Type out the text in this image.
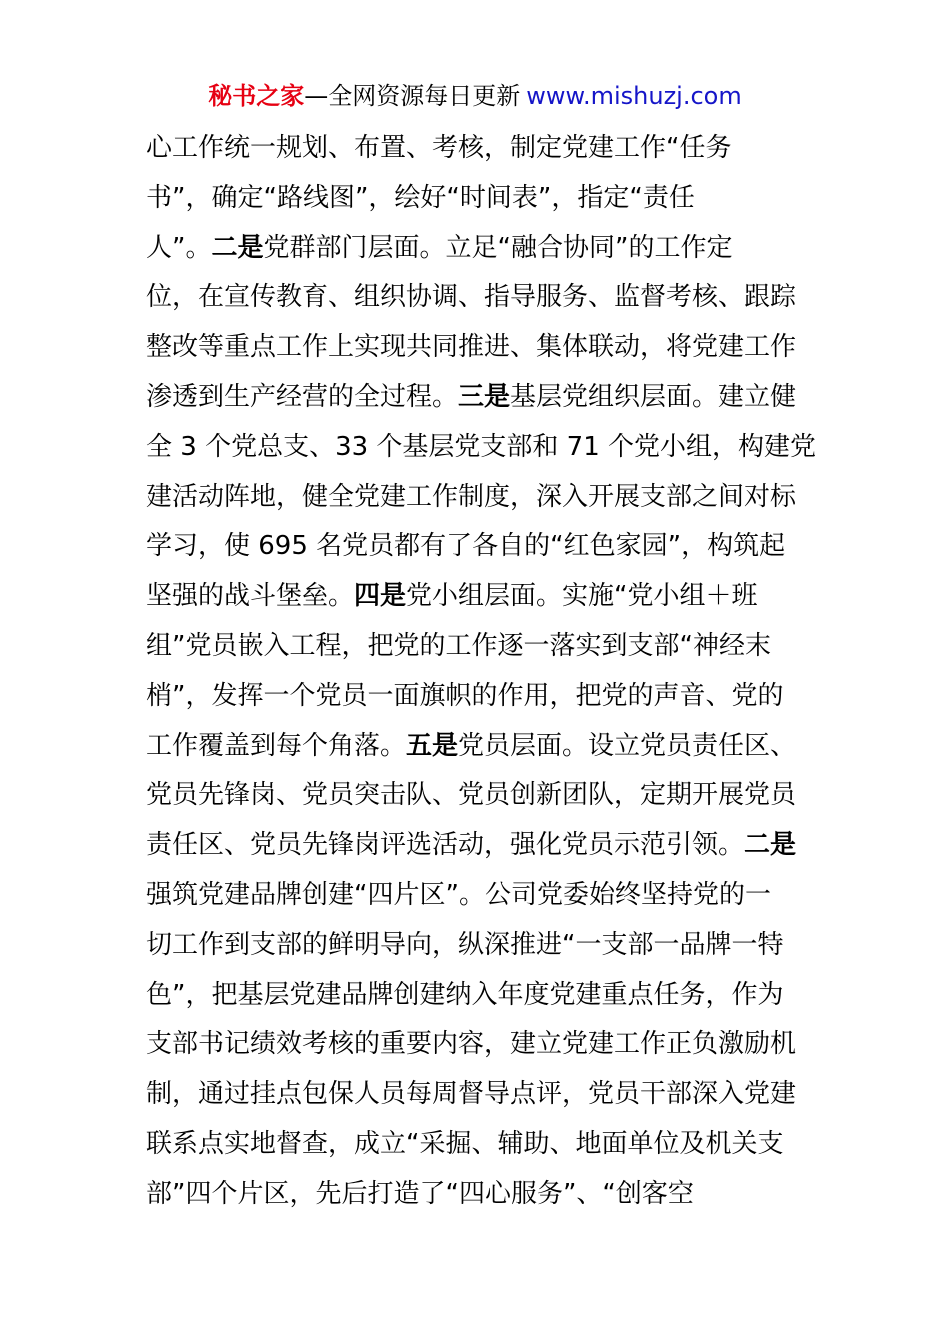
秘书之家—全网资源每日更新 www.mishuzj.com
心工作统一规划、布置、考核，制定党建工作“任务
书”，确定“路线图”，绘好“时间表”，指定“责任
人”。二是党群部门层面。立足“融合协同”的工作定
位，在宣传教育、组织协调、指导服务、监督考核、跟踪
整改等重点工作上实现共同推进、集体联动，将党建工作
渗透到生产经营的全过程。三是基层党组织层面。建立健
全 3 个党总支、33 个基层党支部和 71 个党小组，构建党
建活动阵地，健全党建工作制度，深入开展支部之间对标
学习，使 695 名党员都有了各自的“红色家园”，构筑起
坚强的战斗堡垒。四是党小组层面。实施“党小组＋班
组”党员嵌入工程，把党的工作逐一落实到支部“神经末
梢”，发挥一个党员一面旗帜的作用，把党的声音、党的
工作覆盖到每个角落。五是党员层面。设立党员责任区、
党员先锋岗、党员突击队、党员创新团队，定期开展党员
责任区、党员先锋岗评选活动，强化党员示范引领。二是
强筑党建品牌创建“四片区”。公司党委始终坚持党的一
切工作到支部的鲜明导向，纵深推进“一支部一品牌一特
色”，把基层党建品牌创建纳入年度党建重点任务，作为
支部书记绩效考核的重要内容，建立党建工作正负激励机
制，通过挂点包保人员每周督导点评，党员干部深入党建
联系点实地督查，成立“采掘、辅助、地面单位及机关支
部”四个片区，先后打造了“四心服务”、“创客空
